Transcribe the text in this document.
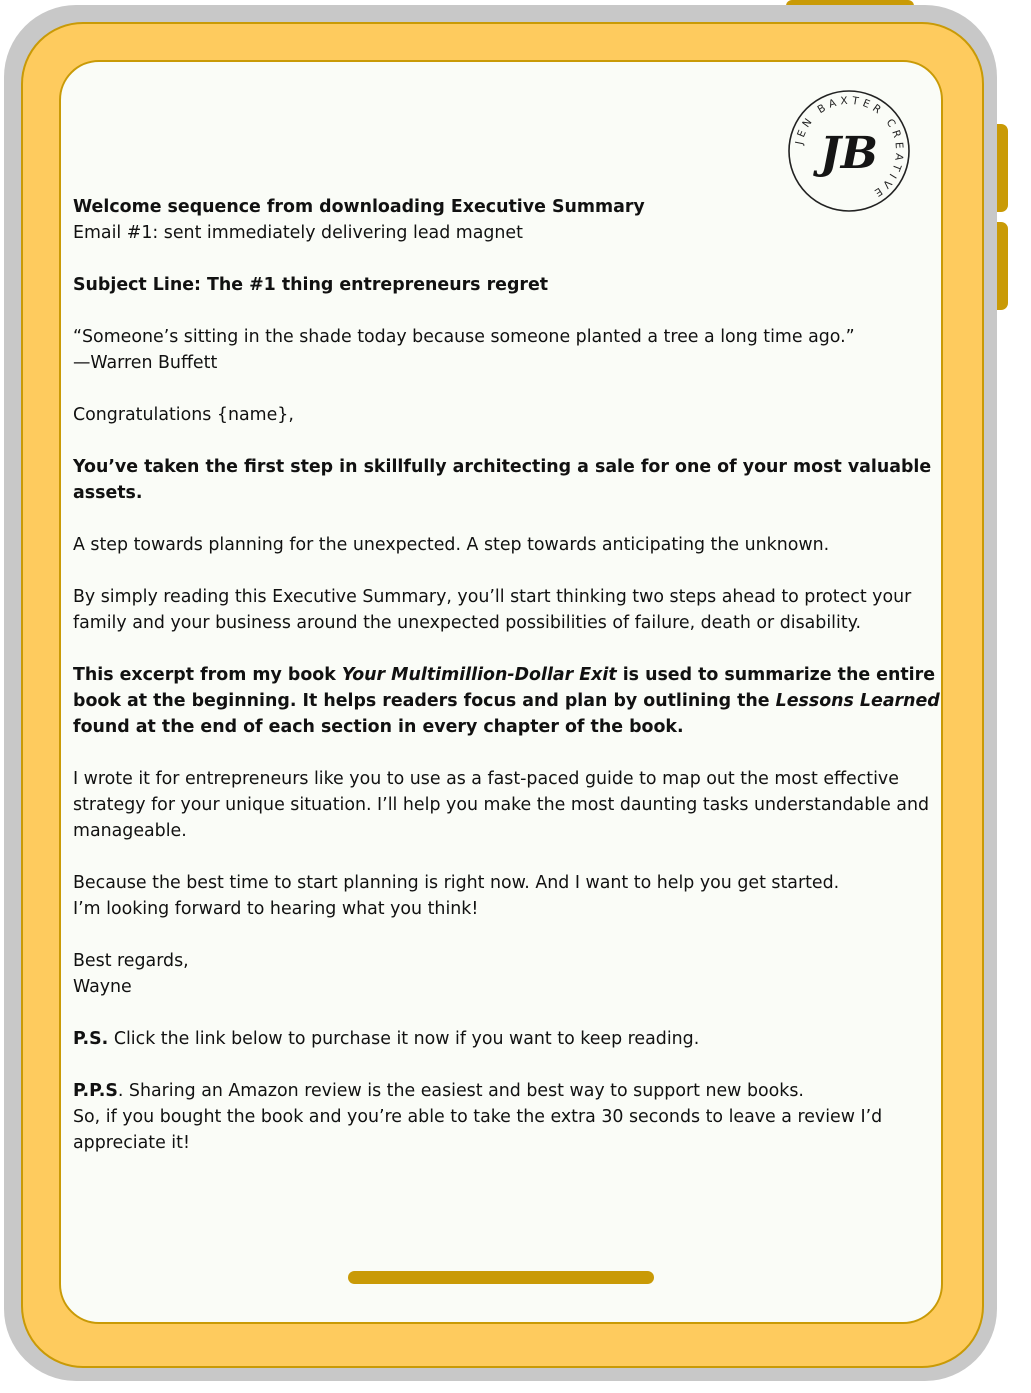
JEN BAXTER CREATIVE
JB

Welcome sequence from downloading Executive Summary
Email #1: sent immediately delivering lead magnet

Subject Line: The #1 thing entrepreneurs regret

“Someone’s sitting in the shade today because someone planted a tree a long time ago.”
—Warren Buffett

Congratulations {name},

You’ve taken the first step in skillfully architecting a sale for one of your most valuable assets.

A step towards planning for the unexpected. A step towards anticipating the unknown.

By simply reading this Executive Summary, you’ll start thinking two steps ahead to protect your family and your business around the unexpected possibilities of failure, death or disability.

This excerpt from my book Your Multimillion-Dollar Exit is used to summarize the entire book at the beginning. It helps readers focus and plan by outlining the Lessons Learned found at the end of each section in every chapter of the book.

I wrote it for entrepreneurs like you to use as a fast-paced guide to map out the most effective strategy for your unique situation. I’ll help you make the most daunting tasks understandable and manageable.

Because the best time to start planning is right now. And I want to help you get started.
I’m looking forward to hearing what you think!

Best regards,
Wayne

P.S. Click the link below to purchase it now if you want to keep reading.

P.P.S. Sharing an Amazon review is the easiest and best way to support new books.
So, if you bought the book and you’re able to take the extra 30 seconds to leave a review I’d appreciate it!
